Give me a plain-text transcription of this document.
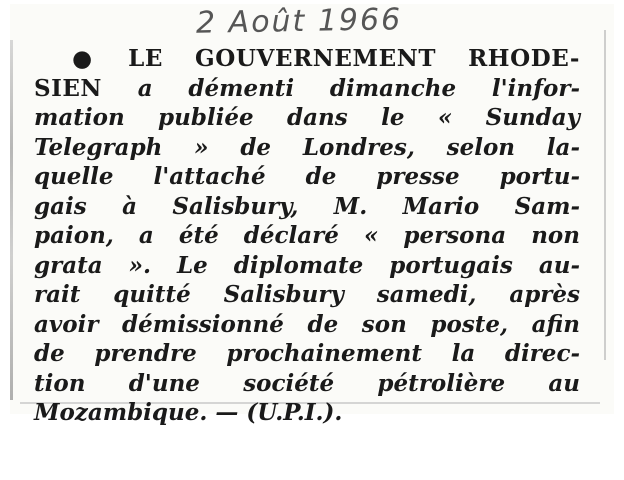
2 Août 1966
● LE GOUVERNEMENT RHODE-
SIEN a démenti dimanche l'infor-
mation publiée dans le « Sunday
Telegraph » de Londres, selon la-
quelle l'attaché de presse portu-
gais à Salisbury, M. Mario Sam-
paion, a été déclaré « persona non
grata ». Le diplomate portugais au-
rait quitté Salisbury samedi, après
avoir démissionné de son poste, afin
de prendre prochainement la direc-
tion d'une société pétrolière au
Mozambique. — (U.P.I.).
